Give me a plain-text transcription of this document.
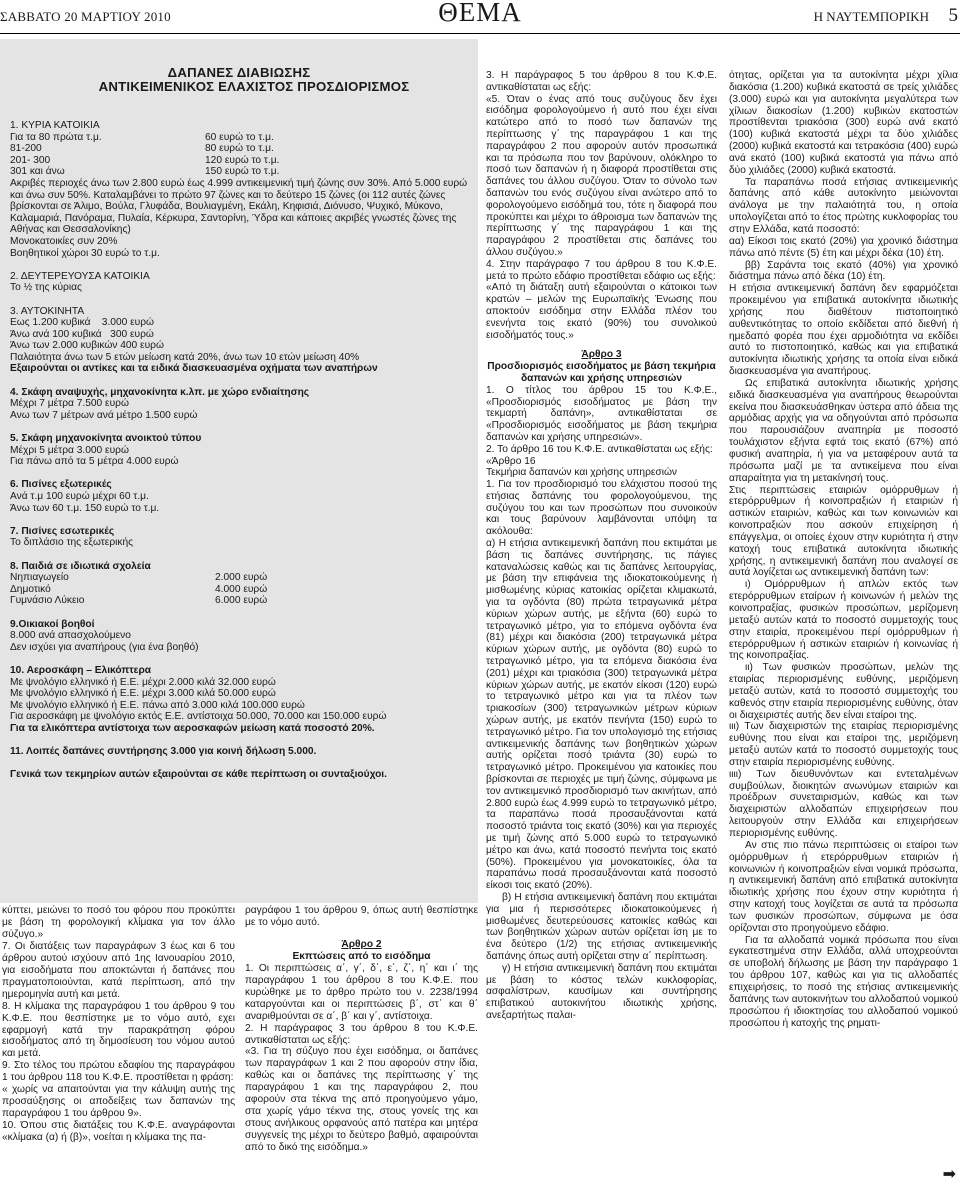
ΣΑΒΒΑΤΟ 20 ΜΑΡΤΙΟΥ 2010	ΘΕΜΑ	Η ΝΑΥΤΕΜΠΟΡΙΚΗ 5
ΔΑΠΑΝΕΣ ΔΙΑΒΙΩΣΗΣ
ΑΝΤΙΚΕΙΜΕΝΙΚΟΣ ΕΛΑΧΙΣΤΟΣ ΠΡΟΣΔΙΟΡΙΣΜΟΣ
1. ΚΥΡΙΑ ΚΑΤΟΙΚΙΑ
Για τα 80 πρώτα τ.μ.	60 ευρώ το τ.μ.
81-200	80 ευρώ το τ.μ.
201- 300	120 ευρώ το τ.μ.
301 και άνω	150 ευρώ το τ.μ.
Ακριβές περιοχές άνω των 2.800 ευρώ έως 4.999 αντικειμενική τιμή ζώνης συν 30%. Από 5.000 ευρώ και άνω συν 50%. Καταλαμβάνει το πρώτο 97 ζώνες και το δεύτερο 15 ζώνες (οι 112 αυτές ζώνες βρίσκονται σε Άλιμο, Βούλα, Γλυφάδα, Βουλιαγμένη, Εκάλη, Κηφισιά, Διόνυσο, Ψυχικό, Μύκονο, Καλαμαριά, Πανόραμα, Πυλαία, Κέρκυρα, Σαντορίνη, Ύδρα και κάποιες ακριβές γνωστές ζώνες της Αθήνας και Θεσσαλονίκης)
Μονοκατοικίες συν 20%
Βοηθητικοί χώροι 30 ευρώ το τ.μ.
2. ΔΕΥΤΕΡΕΥΟΥΣΑ ΚΑΤΟΙΚΙΑ
Το ½ της κύριας
3. ΑΥΤΟΚΙΝΗΤΑ
Εως 1.200 κυβικά    3.000 ευρώ
Άνω ανά 100 κυβικά   300 ευρώ
Άνω των 2.000 κυβικών 400 ευρώ
Παλαιότητα άνω των 5 ετών μείωση κατά 20%, άνω των 10 ετών μείωση 40%
Εξαιρούνται οι αντίκες και τα ειδικά διασκευασμένα οχήματα των αναπήρων
4. Σκάφη αναψυχής, μηχανοκίνητα κ.λπ. με χώρο ενδιαίτησης
Μέχρι 7 μέτρα 7.500 ευρώ
Ανω των 7 μέτρων ανά μέτρο 1.500 ευρώ
5. Σκάφη μηχανοκίνητα ανοικτού τύπου
Μέχρι 5 μέτρα 3.000 ευρώ
Για πάνω από τα 5 μέτρα 4.000 ευρώ
6. Πισίνες εξωτερικές
Ανά τ.μ 100 ευρώ μέχρι 60 τ.μ.
Άνω των 60 τ.μ. 150 ευρώ το τ.μ.
7. Πισίνες εσωτερικές
Το διπλάσιο της εξωτερικής
8. Παιδιά σε ιδιωτικά σχολεία
Νηπιαγωγείο	2.000 ευρώ
Δημοτικό	4.000 ευρώ
Γυμνάσιο Λύκειο	6.000 ευρώ
9.Οικιακοί βοηθοί
8.000 ανά απασχολούμενο
Δεν ισχύει για αναπήρους (για ένα βοηθό)
10. Αεροσκάφη – Ελικόπτερα
Με ψνολόγιο ελληνικό ή Ε.Ε. μέχρι 2.000 κιλά 32.000 ευρώ
Με ψνολόγιο ελληνικό ή Ε.Ε. μέχρι 3.000 κιλά 50.000 ευρώ
Με ψνολόγιο ελληνικό ή Ε.Ε. πάνω από 3.000 κιλά 100.000 ευρώ
Για αεροσκάφη με ψνολόγιο εκτός Ε.Ε. αντίστοιχα 50.000, 70.000 και 150.000 ευρώ
Για τα ελικόπτερα αντίστοιχα των αεροσκαφών μείωση κατά ποσοστό 20%.
11. Λοιπές δαπάνες συντήρησης 3.000 για κοινή δήλωση 5.000.
Γενικά των τεκμηρίων αυτών εξαιρούνται σε κάθε περίπτωση οι συνταξιούχοι.

κύπτει, μειώνει το ποσό του φόρου που προκύπτει με βάση τη φορολογική κλίμακα για τον άλλο σύζυγο.»

7. Οι διατάξεις των παραγράφων 3 έως και 6 του άρθρου αυτού ισχύουν από 1ης Ιανουαρίου 2010, για εισοδήματα που αποκτώνται ή δαπάνες που πραγματοποιούνται, κατά περίπτωση, από την ημερομηνία αυτή και μετά.

8. Η κλίμακα της παραγράφου 1 του άρθρου 9 του Κ.Φ.Ε. που θεσπίστηκε με το νόμο αυτό, εχει εφαρμογή κατά την παρακράτηση φόρου εισοδήματος από τη δημοσίευση του νόμου αυτού και μετά.

9. Στο τέλος του πρώτου εδαφίου της παραγράφου 1 του άρθρου 118 του Κ.Φ.Ε. προστίθεται η φράση:

« χωρίς να απαιτούνται για την κάλυψη αυτής της προσαύξησης οι αποδείξεις των δαπανών της παραγράφου 1 του άρθρου 9».

10. Όπου στις διατάξεις του Κ.Φ.Ε. αναγράφονται «κλίμακα (α) ή (β)», νοείται η κλίμακα της πα-

ραγράφου 1 του άρθρου 9, όπως αυτή θεσπίστηκε με το νόμο αυτό.

Άρθρο 2

Εκπτώσεις από το εισόδημα

1. Οι περιπτώσεις α΄, γ΄, δ΄, ε΄, ζ΄, η΄ και ι΄ της παραγράφου 1 του άρθρου 8 του Κ.Φ.Ε. που κυρώθηκε με το άρθρο πρώτο του ν. 2238/1994 καταργούνται και οι περιπτώσεις β΄, στ΄ και θ΄ αναριθμούνται σε α΄, β΄ και γ΄, αντίστοιχα.

2. Η παράγραφος 3 του άρθρου 8 του Κ.Φ.Ε. αντικαθίσταται ως εξής:

«3. Για τη σύζυγο που έχει εισόδημα, οι δαπάνες των παραγράφων 1 και 2 που αφορούν στην ίδια, καθώς και οι δαπάνες της περίπτωσης γ΄ της παραγράφου 1 και της παραγράφου 2, που αφορούν στα τέκνα της από προηγούμενο γάμο, στα χωρίς γάμο τέκνα της, στους γονείς της και στους ανήλικους ορφανούς από πατέρα και μητέρα συγγενείς της μέχρι το δεύτερο βαθμό, αφαιρούνται από το δικό της εισόδημα.»

3. Η παράγραφος 5 του άρθρου 8 του Κ.Φ.Ε. αντικαθίσταται ως εξής:

«5. Όταν ο ένας από τους συζύγους δεν έχει εισόδημα φορολογούμενο ή αυτό που έχει είναι κατώτερο από το ποσό των δαπανών της περίπτωσης γ΄ της παραγράφου 1 και της παραγράφου 2 που αφορούν αυτόν προσωπικά και τα πρόσωπα που τον βαρύνουν, ολόκληρο το ποσό των δαπανών ή η διαφορά προστίθεται στις δαπάνες του άλλου συζύγου. Όταν το σύνολο των δαπανών του ενός συζύγου είναι ανώτερο από το φορολογούμενο εισόδημά του, τότε η διαφορά που προκύπτει και μέχρι το άθροισμα των δαπανών της περίπτωσης γ΄ της παραγράφου 1 και της παραγράφου 2 προστίθεται στις δαπάνες του άλλου συζύγου.»

4. Στην παράγραφο 7 του άρθρου 8 του Κ.Φ.Ε. μετά το πρώτο εδάφιο προστίθεται εδάφιο ως εξής:

«Από τη διάταξη αυτή εξαιρούνται ο κάτοικοι των κρατών – μελών της Ευρωπαϊκής Ένωσης που αποκτούν εισόδημα στην Ελλάδα πλέον του ενενήντα τοις εκατό (90%) του συνολικού εισοδήματός τους.»

Άρθρο 3

Προσδιορισμός εισοδήματος με βάση τεκμήρια δαπανών και χρήσης υπηρεσιών

1. Ο τίτλος του άρθρου 15 του Κ.Φ.Ε., «Προσδιορισμός εισοδήματος με βάση την τεκμαρτή δαπάνη», αντικαθίσταται σε «Προσδιορισμός εισοδήματος με βάση τεκμήρια δαπανών και χρήσης υπηρεσιών».

2. Το άρθρο 16 του Κ.Φ.Ε. αντικαθίσταται ως εξής:

«Άρθρο 16

Τεκμήρια δαπανών και χρήσης υπηρεσιών

1. Για τον προσδιορισμό του ελάχιστου ποσού της ετήσιας δαπάνης του φορολογούμενου, της συζύγου του και των προσώπων που συνοικούν και τους βαρύνουν λαμβάνονται υπόψη τα ακόλουθα:

α) Η ετήσια αντικειμενική δαπάνη που εκτιμάται με βάση τις δαπάνες συντήρησης, τις πάγιες καταναλώσεις καθώς και τις δαπάνες λειτουργίας, με βάση την επιφάνεια της ιδιοκατοικούμενης ή μισθωμένης κύριας κατοικίας ορίζεται κλιμακωτά, για τα ογδόντα (80) πρώτα τετραγωνικά μέτρα κύριων χώρων αυτής, με εξήντα (60) ευρώ το τετραγωνικό μέτρο, για το επόμενα ογδόντα ένα (81) μέχρι και διακόσια (200) τετραγωνικά μέτρα κύριων χώρων αυτής, με ογδόντα (80) ευρώ το τετραγωνικό μέτρο, για τα επόμενα διακόσια ένα (201) μέχρι και τριακόσια (300) τετραγωνικά μέτρα κύριων χώρων αυτής, με εκατόν είκοσι (120) ευρώ το τετραγωνικό μέτρο και για τα πλέον των τριακοσίων (300) τετραγωνικών μέτρων κύριων χώρων αυτής, με εκατόν πενήντα (150) ευρώ το τετραγωνικό μέτρο. Για τον υπολογισμό της ετήσιας αντικειμενικής δαπάνης των βοηθητικών χώρων αυτής ορίζεται ποσό τριάντα (30) ευρώ το τετραγωνικό μέτρο. Προκειμένου για κατοικίες που βρίσκονται σε περιοχές με τιμή ζώνης, σύμφωνα με τον αντικειμενικό προσδιορισμό των ακινήτων, από 2.800 ευρώ έως 4.999 ευρώ το τετραγωνικό μέτρο, τα παραπάνω ποσά προσαυξάνονται κατά ποσοστό τριάντα τοις εκατό (30%) και για περιοχές με τιμή ζώνης από 5.000 ευρώ το τετραγωνικό μέτρο και άνω, κατά ποσοστό πενήντα τοις εκατό (50%). Προκειμένου για μονοκατοικίες, όλα τα παραπάνω ποσά προσαυξάνονται κατά ποσοστό είκοσι τοις εκατό (20%).

β) Η ετήσια αντικειμενική δαπάνη που εκτιμάται για μια ή περισσότερες ιδιοκατοικούμενες ή μισθωμένες δευτερεύουσες κατοικίες καθώς και των βοηθητικών χώρων αυτών ορίζεται ίση με το ένα δεύτερο (1/2) της ετήσιας αντικειμενικής δαπάνης όπως αυτή ορίζεται στην α΄ περίπτωση.

γ) Η ετήσια αντικειμενική δαπάνη που εκτιμάται με βάση το κόστος τελών κυκλοφορίας, ασφαλίστρων, καυσίμων και συντήρησης επιβατικού αυτοκινήτου ιδιωτικής χρήσης, ανεξαρτήτως παλαι-

ότητας, ορίζεται για τα αυτοκίνητα μέχρι χίλια διακόσια (1.200) κυβικά εκατοστά σε τρείς χιλιάδες (3.000) ευρώ και για αυτοκίνητα μεγαλύτερα των χίλιων διακοσίων (1.200) κυβικών εκατοστών προστίθενται τριακόσια (300) ευρώ ανά εκατό (100) κυβικά εκατοστά μέχρι τα δύο χιλιάδες (2000) κυβικά εκατοστά και τετρακόσια (400) ευρώ ανά εκατό (100) κυβικά εκατοστά για πάνω από δύο χιλιάδες (2000) κυβικά εκατοστά.

Τα παραπάνω ποσά ετήσιας αντικειμενικής δαπάνης από κάθε αυτοκίνητο μειώνονται ανάλογα με την παλαιότητά του, η οποία υπολογίζεται από το έτος πρώτης κυκλοφορίας του στην Ελλάδα, κατά ποσοστό:

αα) Είκοσι τοις εκατό (20%) για χρονικό διάστημα πάνω από πέντε (5) έτη και μέχρι δέκα (10) έτη.

ββ) Σαράντα τοις εκατό (40%) για χρονικό διάστημα πάνω από δέκα (10) έτη.

Η ετήσια αντικειμενική δαπάνη δεν εφαρμόζεται προκειμένου για επιβατικά αυτοκίνητα ιδιωτικής χρήσης που διαθέτουν πιστοποιητικό αυθεντικότητας το οποίο εκδίδεται από διεθνή ή ημεδαπό φορέα που έχει αρμοδιότητα να εκδίδει αυτό το πιστοποιητικό, καθώς και για επιβατικά αυτοκίνητα ιδιωτικής χρήσης τα οποία είναι ειδικά διασκευασμένα για αναπήρους.

Ως επιβατικά αυτοκίνητα ιδιωτικής χρήσης ειδικά διασκευασμένα για αναπήρους θεωρούνται εκείνα που διασκευάσθηκαν ύστερα από άδεια της αρμόδιας αρχής για να οδηγούνται από πρόσωπα που παρουσιάζουν αναπηρία με ποσοστό τουλάχιστον εξήντα εφτά τοις εκατό (67%) από φυσική αναπηρία, ή για να μεταφέρουν αυτά τα πρόσωπα μαζί με τα αντικείμενα που είναι απαραίτητα για τη μετακίνησή τους.

Στις περιπτώσεις εταιριών ομόρρυθμων ή ετερόρρυθμων ή κοινοπραξιών ή εταιριών ή αστικών εταιριών, καθώς και των κοινωνιών και κοινοπραξιών που ασκούν επιχείρηση ή επάγγελμα, οι οποίες έχουν στην κυριότητα ή στην κατοχή τους επιβατικά αυτοκίνητα ιδιωτικής χρήσης, η αντικειμενική δαπάνη που αναλογεί σε αυτά λογίζεται ως αντικειμενική δαπάνη των:

ι) Ομόρρυθμων ή απλών εκτός των ετερόρρυθμων εταίρων ή κοινωνών ή μελών της κοινοπραξίας, φυσικών προσώπων, μερίζομενη μεταξύ αυτών κατά το ποσοστό συμμετοχής τους στην εταιρία, προκειμένου περί ομόρρυθμων ή ετερόρρυθμων ή αστικών εταιριών ή κοινωνίας ή της κοινοπραξίας.

ιι) Των φυσικών προσώπων, μελών της εταιρίας περιορισμένης ευθύνης, μεριζόμενη μεταξύ αυτών, κατά το ποσοστό συμμετοχής του καθενός στην εταιρία περιορισμένης ευθύνης, όταν οι διαχειριστές αυτής δεν είναι εταίροι της.

ιιι) Των διαχειριστών της εταιρίας περιορισμένης ευθύνης που είναι και εταίροι της, μεριζόμενη μεταξύ αυτών κατά το ποσοστό συμμετοχής τους στην εταιρία περιορισμένης ευθύνης.

ιιιι) Των διευθυνόντων και εντεταλμένων συμβούλων, διοικητών ανωνύμων εταιριών και προέδρων συνεταιρισμών, καθώς και των διαχειριστών αλλοδαπών επιχειρήσεων που λειτουργούν στην Ελλάδα και επιχειρήσεων περιορισμένης ευθύνης.

Αν στις πιο πάνω περιπτώσεις οι εταίροι των ομόρρυθμων ή ετερόρρυθμων εταιριών ή κοινωνιών ή κοινοπραξιών είναι νομικά πρόσωπα, η αντικειμενική δαπάνη από επιβατικά αυτοκίνητα ιδιωτικής χρήσης που έχουν στην κυριότητα ή στην κατοχή τους λογίζεται σε αυτά τα πρόσωπα των φυσικών προσώπων, σύμφωνα με όσα ορίζονται στο προηγούμενο εδάφιο.

Για τα αλλοδαπά νομικά πρόσωπα που είναι εγκατεστημένα στην Ελλάδα, αλλά υποχρεούνται σε υποβολή δήλωσης με βάση την παράγραφο 1 του άρθρου 107, καθώς και για τις αλλοδαπές επιχειρήσεις, το ποσό της ετήσιας αντικειμενικής δαπάνης των αυτοκινήτων του αλλοδαπού νομικού προσώπου ή ιδιοκτησίας του αλλοδαπού νομικού προσώπου ή κατοχής της ρηματι-

➡
